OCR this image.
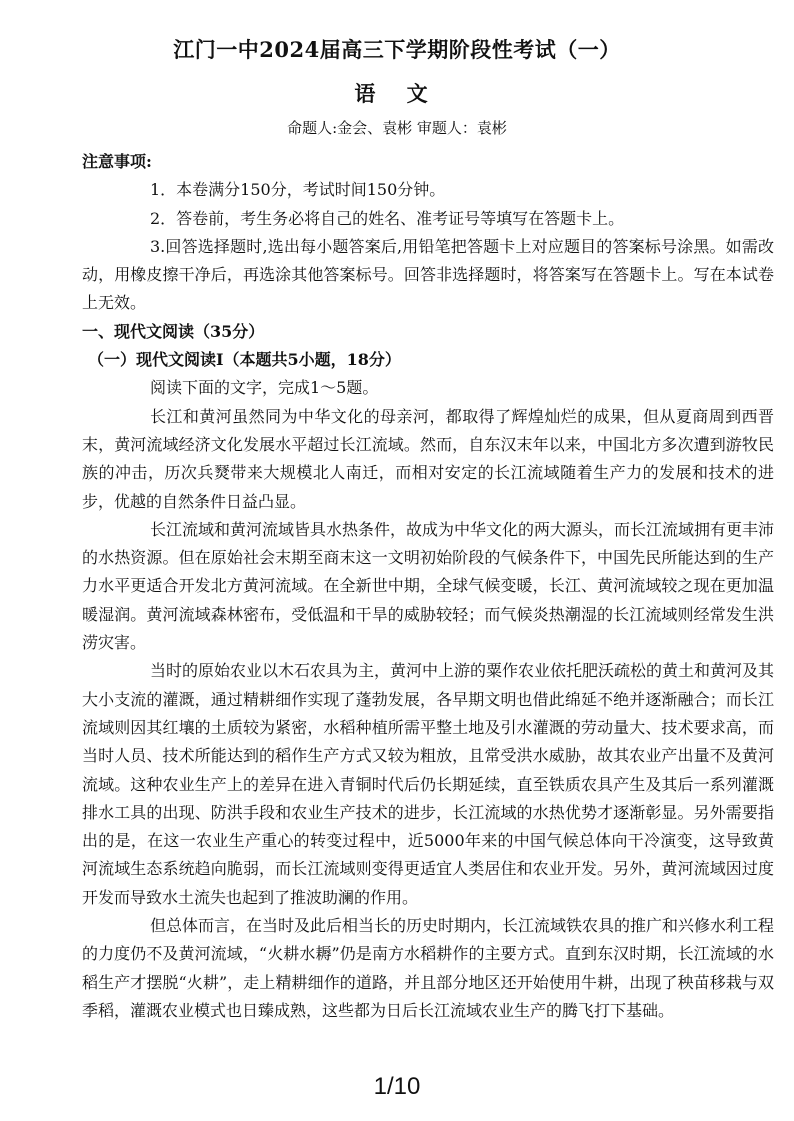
江门一中2024届高三下学期阶段性考试（一）
语 文

命题人:金会、袁彬 审题人：袁彬

注意事项:

1．本卷满分150分，考试时间150分钟。

2．答卷前，考生务必将自己的姓名、准考证号等填写在答题卡上。

3.回答选择题时,选出每小题答案后,用铅笔把答题卡上对应题目的答案标号涂黑。如需改动，用橡皮擦干净后，再选涂其他答案标号。回答非选择题时，将答案写在答题卡上。写在本试卷上无效。

一、现代文阅读（35分）

（一）现代文阅读Ⅰ（本题共5小题，18分）

阅读下面的文字，完成1～5题。

长江和黄河虽然同为中华文化的母亲河，都取得了辉煌灿烂的成果，但从夏商周到西晋末，黄河流域经济文化发展水平超过长江流域。然而，自东汉末年以来，中国北方多次遭到游牧民族的冲击，历次兵燹带来大规模北人南迁，而相对安定的长江流域随着生产力的发展和技术的进步，优越的自然条件日益凸显。

长江流域和黄河流域皆具水热条件，故成为中华文化的两大源头，而长江流域拥有更丰沛的水热资源。但在原始社会末期至商末这一文明初始阶段的气候条件下，中国先民所能达到的生产力水平更适合开发北方黄河流域。在全新世中期，全球气候变暖，长江、黄河流域较之现在更加温暖湿润。黄河流域森林密布，受低温和干旱的威胁较轻；而气候炎热潮湿的长江流域则经常发生洪涝灾害。

当时的原始农业以木石农具为主，黄河中上游的粟作农业依托肥沃疏松的黄土和黄河及其大小支流的灌溉，通过精耕细作实现了蓬勃发展，各早期文明也借此绵延不绝并逐渐融合；而长江流域则因其红壤的土质较为紧密，水稻种植所需平整土地及引水灌溉的劳动量大、技术要求高，而当时人员、技术所能达到的稻作生产方式又较为粗放，且常受洪水威胁，故其农业产出量不及黄河流域。这种农业生产上的差异在进入青铜时代后仍长期延续，直至铁质农具产生及其后一系列灌溉排水工具的出现、防洪手段和农业生产技术的进步，长江流域的水热优势才逐渐彰显。另外需要指出的是，在这一农业生产重心的转变过程中，近5000年来的中国气候总体向干冷演变，这导致黄河流域生态系统趋向脆弱，而长江流域则变得更适宜人类居住和农业开发。另外，黄河流域因过度开发而导致水土流失也起到了推波助澜的作用。

但总体而言，在当时及此后相当长的历史时期内，长江流域铁农具的推广和兴修水利工程的力度仍不及黄河流域，“火耕水耨”仍是南方水稻耕作的主要方式。直到东汉时期，长江流域的水稻生产才摆脱“火耕”，走上精耕细作的道路，并且部分地区还开始使用牛耕，出现了秧苗移栽与双季稻，灌溉农业模式也日臻成熟，这些都为日后长江流域农业生产的腾飞打下基础。

1/10
